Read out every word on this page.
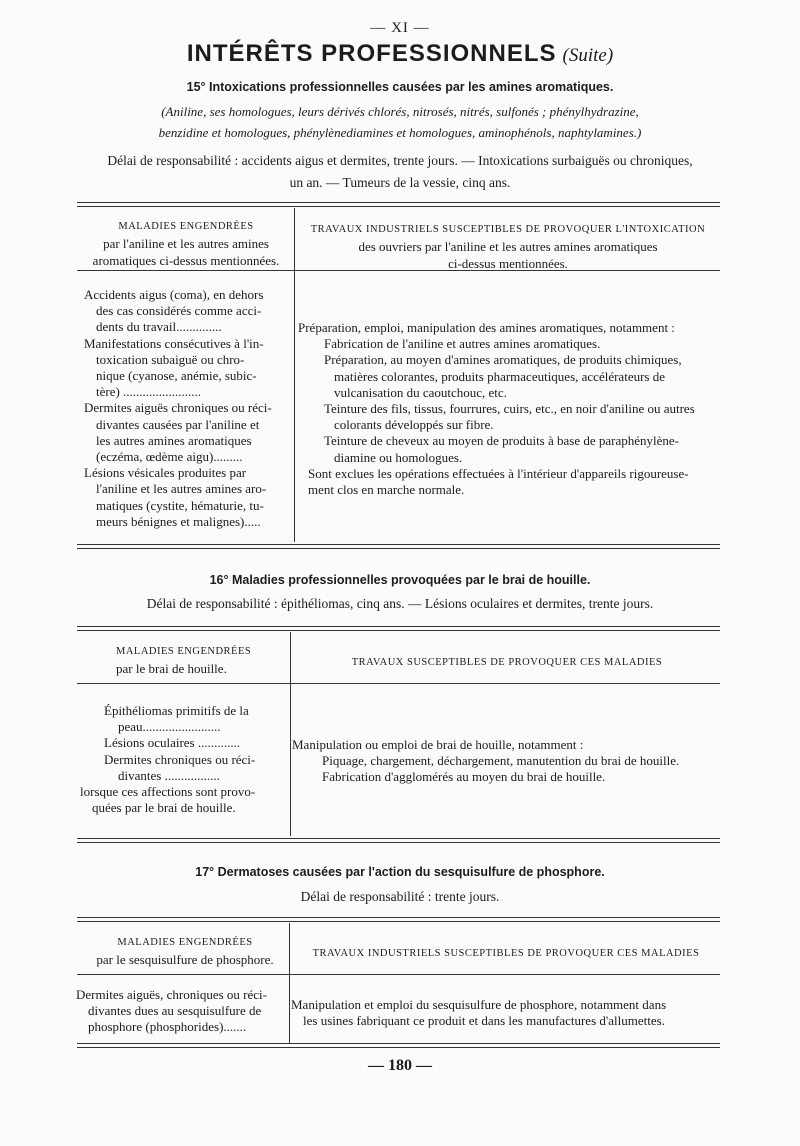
— XI —
INTÉRÊTS PROFESSIONNELS (Suite)
15° Intoxications professionnelles causées par les amines aromatiques.
(Aniline, ses homologues, leurs dérivés chlorés, nitrosés, nitrés, sulfonés ; phénylhydrazine,
benzidine et homologues, phénylènediamines et homologues, aminophénols, naphtylamines.)
Délai de responsabilité : accidents aigus et dermites, trente jours. — Intoxications surbaiguës ou chroniques,
un an. — Tumeurs de la vessie, cinq ans.
MALADIES ENGENDRÉES
par l'aniline et les autres amines
aromatiques ci-dessus mentionnées.
TRAVAUX INDUSTRIELS SUSCEPTIBLES DE PROVOQUER L'INTOXICATION
des ouvriers par l'aniline et les autres amines aromatiques
ci-dessus mentionnées.
Accidents aigus (coma), en dehors
des cas considérés comme acci-
dents du travail..............
Manifestations consécutives à l'in-
toxication subaiguë ou chro-
nique (cyanose, anémie, subic-
tère) ........................
Dermites aiguës chroniques ou réci-
divantes causées par l'aniline et
les autres amines aromatiques
(eczéma, œdème aigu).........
Lésions vésicales produites par
l'aniline et les autres amines aro-
matiques (cystite, hématurie, tu-
meurs bénignes et malignes).....
Préparation, emploi, manipulation des amines aromatiques, notamment :
Fabrication de l'aniline et autres amines aromatiques.
Préparation, au moyen d'amines aromatiques, de produits chimiques,
matières colorantes, produits pharmaceutiques, accélérateurs de
vulcanisation du caoutchouc, etc.
Teinture des fils, tissus, fourrures, cuirs, etc., en noir d'aniline ou autres
colorants développés sur fibre.
Teinture de cheveux au moyen de produits à base de paraphénylène-
diamine ou homologues.
Sont exclues les opérations effectuées à l'intérieur d'appareils rigoureuse-
ment clos en marche normale.
16° Maladies professionnelles provoquées par le brai de houille.
Délai de responsabilité : épithéliomas, cinq ans. — Lésions oculaires et dermites, trente jours.
MALADIES ENGENDRÉES
par le brai de houille.	TRAVAUX SUSCEPTIBLES DE PROVOQUER CES MALADIES
Épithéliomas primitifs de la
peau........................
Lésions oculaires .............
Dermites chroniques ou réci-
divantes .................
lorsque ces affections sont provo-
quées par le brai de houille.
Manipulation ou emploi de brai de houille, notamment :
Piquage, chargement, déchargement, manutention du brai de houille.
Fabrication d'agglomérés au moyen du brai de houille.
17° Dermatoses causées par l'action du sesquisulfure de phosphore.
Délai de responsabilité : trente jours.
MALADIES ENGENDRÉES
par le sesquisulfure de phosphore.	TRAVAUX INDUSTRIELS SUSCEPTIBLES DE PROVOQUER CES MALADIES
Dermites aiguës, chroniques ou réci-
divantes dues au sesquisulfure de
phosphore (phosphorides).......
Manipulation et emploi du sesquisulfure de phosphore, notamment dans
les usines fabriquant ce produit et dans les manufactures d'allumettes.
— 180 —
